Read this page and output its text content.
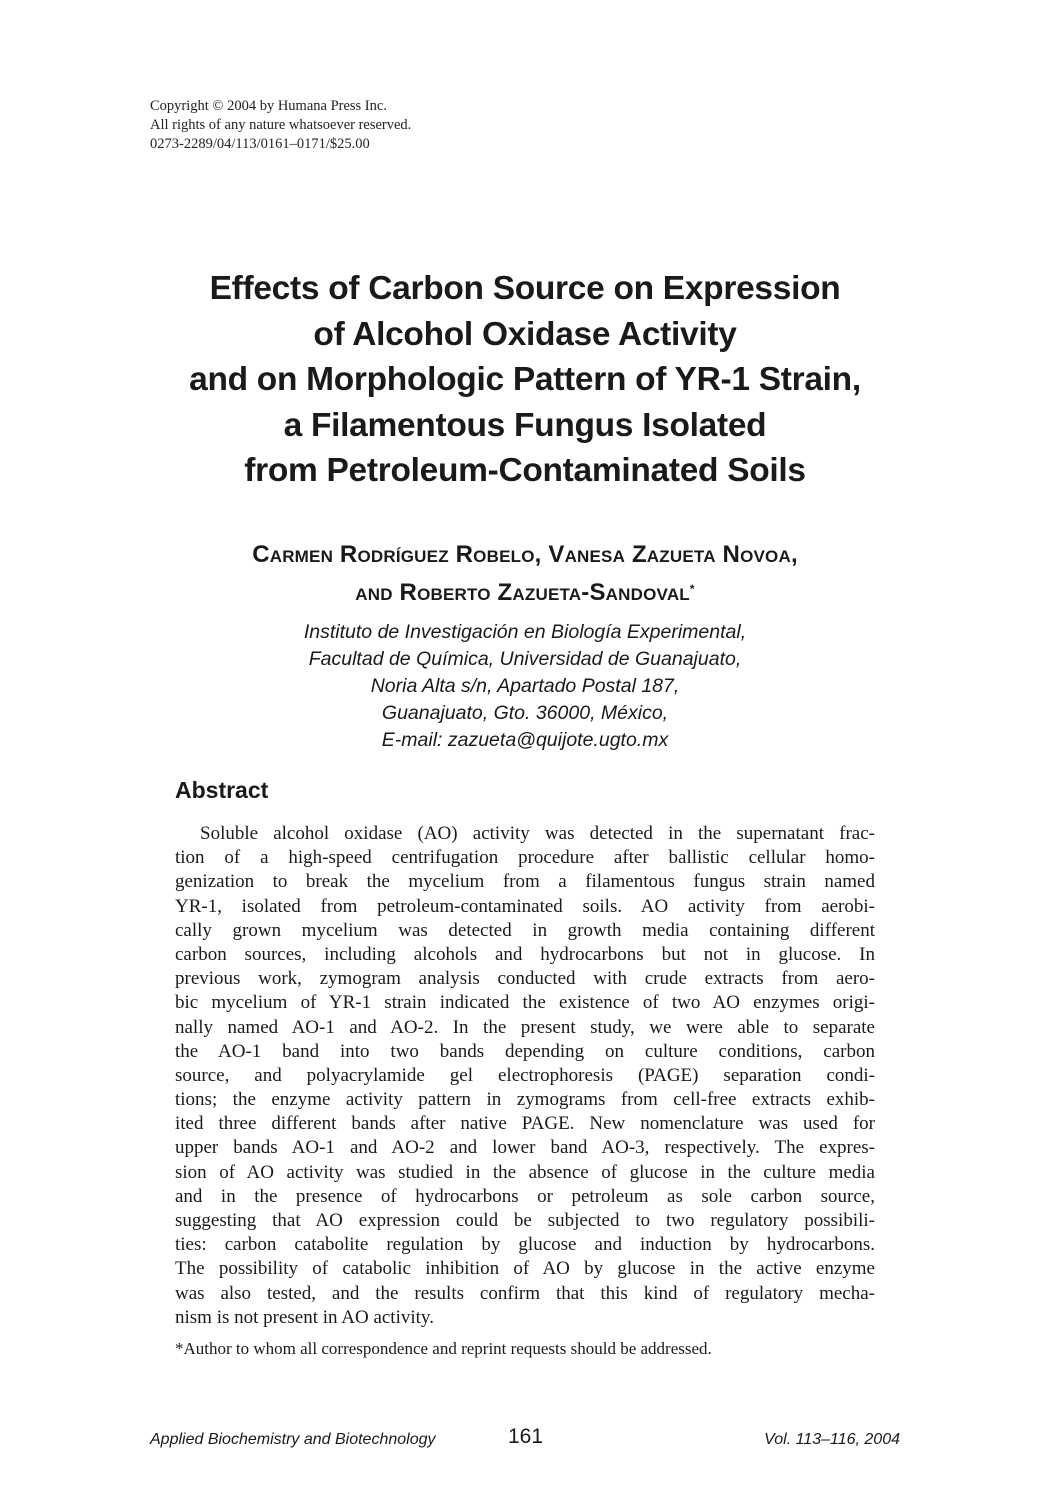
Copyright © 2004 by Humana Press Inc.
All rights of any nature whatsoever reserved.
0273-2289/04/113/0161–0171/$25.00
Effects of Carbon Source on Expression
of Alcohol Oxidase Activity
and on Morphologic Pattern of YR-1 Strain,
a Filamentous Fungus Isolated
from Petroleum-Contaminated Soils
Carmen Rodríguez Robelo, Vanesa Zazueta Novoa,
and Roberto Zazueta-Sandoval*
Instituto de Investigación en Biología Experimental,
Facultad de Química, Universidad de Guanajuato,
Noria Alta s/n, Apartado Postal 187,
Guanajuato, Gto. 36000, México,
E-mail: zazueta@quijote.ugto.mx
Abstract
Soluble alcohol oxidase (AO) activity was detected in the supernatant frac-
tion of a high-speed centrifugation procedure after ballistic cellular homo-
genization to break the mycelium from a filamentous fungus strain named
YR-1, isolated from petroleum-contaminated soils. AO activity from aerobi-
cally grown mycelium was detected in growth media containing different
carbon sources, including alcohols and hydrocarbons but not in glucose. In
previous work, zymogram analysis conducted with crude extracts from aero-
bic mycelium of YR-1 strain indicated the existence of two AO enzymes origi-
nally named AO-1 and AO-2. In the present study, we were able to separate
the AO-1 band into two bands depending on culture conditions, carbon
source, and polyacrylamide gel electrophoresis (PAGE) separation condi-
tions; the enzyme activity pattern in zymograms from cell-free extracts exhib-
ited three different bands after native PAGE. New nomenclature was used for
upper bands AO-1 and AO-2 and lower band AO-3, respectively. The expres-
sion of AO activity was studied in the absence of glucose in the culture media
and in the presence of hydrocarbons or petroleum as sole carbon source,
suggesting that AO expression could be subjected to two regulatory possibili-
ties: carbon catabolite regulation by glucose and induction by hydrocarbons.
The possibility of catabolic inhibition of AO by glucose in the active enzyme
was also tested, and the results confirm that this kind of regulatory mecha-
nism is not present in AO activity.
*Author to whom all correspondence and reprint requests should be addressed.
Applied Biochemistry and Biotechnology	161	Vol. 113–116, 2004
